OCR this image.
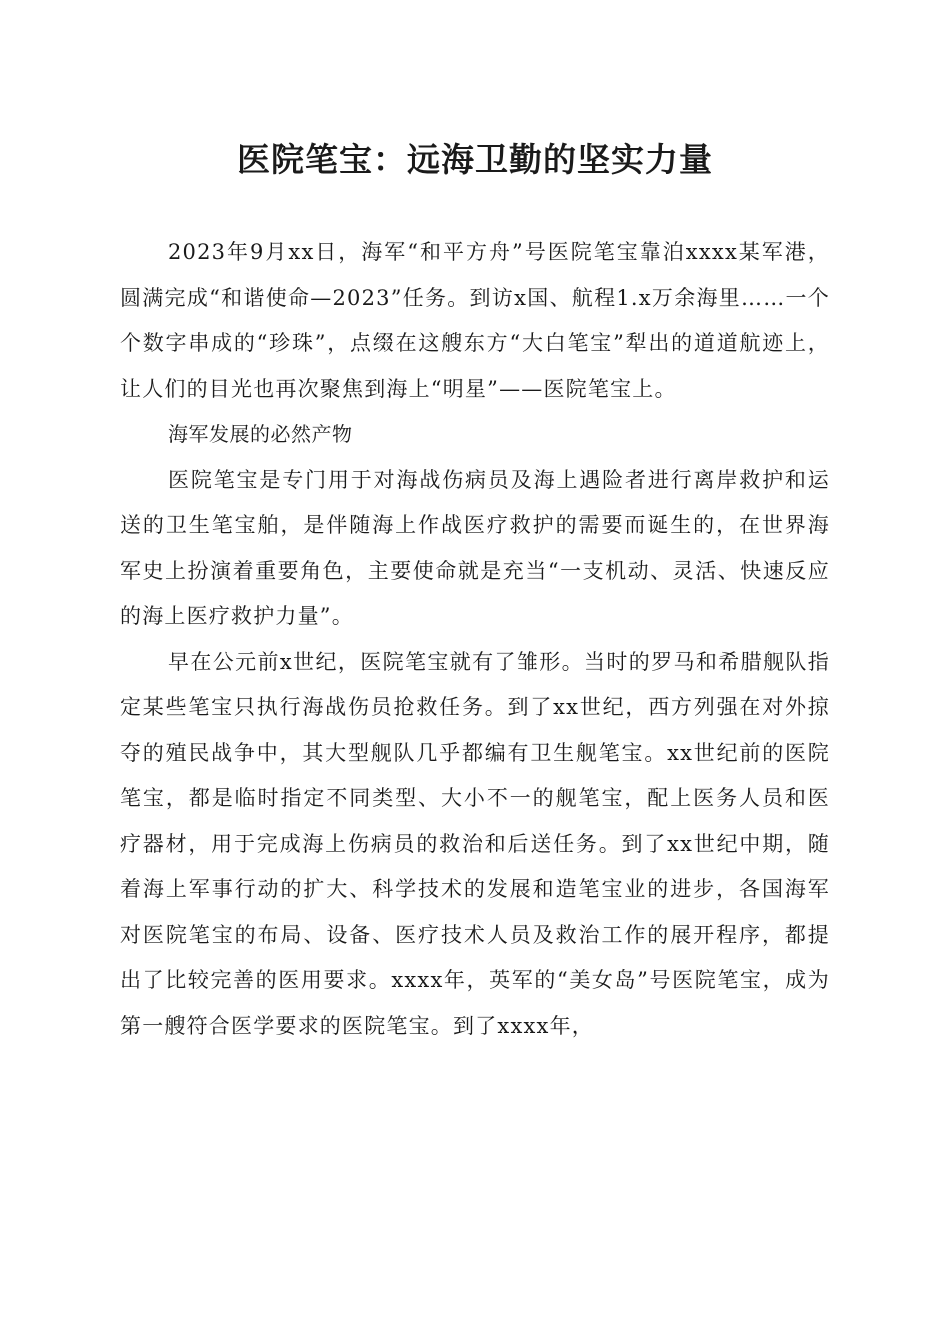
医院笔宝：远海卫勤的坚实力量

2023年9月xx日，海军“和平方舟”号医院笔宝靠泊xxxx某军港，圆满完成“和谐使命—2023”任务。到访x国、航程1.x万余海里……一个个数字串成的“珍珠”，点缀在这艘东方“大白笔宝”犁出的道道航迹上，让人们的目光也再次聚焦到海上“明星”——医院笔宝上。

海军发展的必然产物

医院笔宝是专门用于对海战伤病员及海上遇险者进行离岸救护和运送的卫生笔宝舶，是伴随海上作战医疗救护的需要而诞生的，在世界海军史上扮演着重要角色，主要使命就是充当“一支机动、灵活、快速反应的海上医疗救护力量”。

早在公元前x世纪，医院笔宝就有了雏形。当时的罗马和希腊舰队指定某些笔宝只执行海战伤员抢救任务。到了xx世纪，西方列强在对外掠夺的殖民战争中，其大型舰队几乎都编有卫生舰笔宝。xx世纪前的医院笔宝，都是临时指定不同类型、大小不一的舰笔宝，配上医务人员和医疗器材，用于完成海上伤病员的救治和后送任务。到了xx世纪中期，随着海上军事行动的扩大、科学技术的发展和造笔宝业的进步，各国海军对医院笔宝的布局、设备、医疗技术人员及救治工作的展开程序，都提出了比较完善的医用要求。xxxx年，英军的“美女岛”号医院笔宝，成为第一艘符合医学要求的医院笔宝。到了xxxx年，
